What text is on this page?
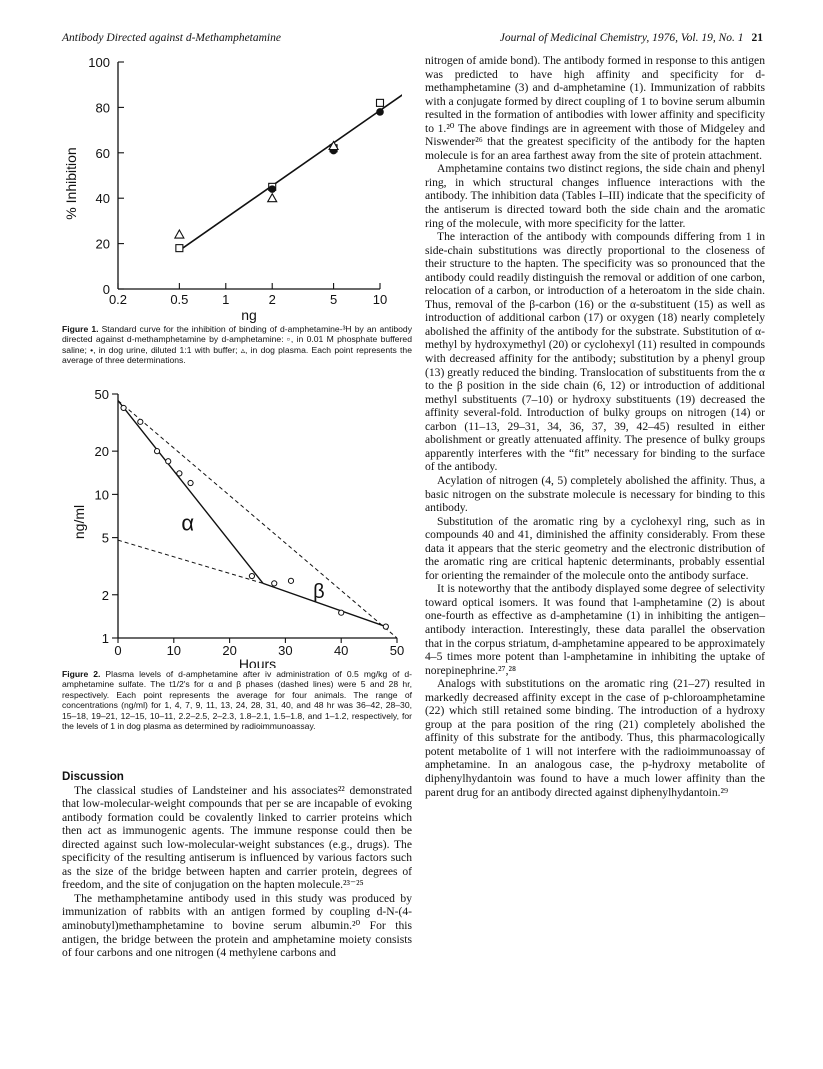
Antibody Directed against d-Methamphetamine	Journal of Medicinal Chemistry, 1976, Vol. 19, No. 1 21
0
20
40
60
80
100
0.2	0.5	1	2	5	10
ng
% Inhibition
Figure 1. Standard curve for the inhibition of binding of d-amphetamine-³H by an antibody directed against d-methamphetamine by d-amphetamine: ▫, in 0.01 M phosphate buffered saline; •, in dog urine, diluted 1:1 with buffer; ▵, in dog plasma. Each point represents the average of three determinations.
1
2
5
10
20
50
0	10	20	30	40	50
Hours
ng/ml	α
β
Figure 2. Plasma levels of d-amphetamine after iv administration of 0.5 mg/kg of d-amphetamine sulfate. The t1/2's for α and β phases (dashed lines) were 5 and 28 hr, respectively. Each point represents the average for four animals. The range of concentrations (ng/ml) for 1, 4, 7, 9, 11, 13, 24, 28, 31, 40, and 48 hr was 36–42, 28–30, 15–18, 19–21, 12–15, 10–11, 2.2–2.5, 2–2.3, 1.8–2.1, 1.5–1.8, and 1–1.2, respectively, for the levels of 1 in dog plasma as determined by radioimmunoassay.
Discussion

The classical studies of Landsteiner and his associates²² demonstrated that low-molecular-weight compounds that per se are incapable of evoking antibody formation could be covalently linked to carrier proteins which then act as immunogenic agents. The immune response could then be directed against such low-molecular-weight substances (e.g., drugs). The specificity of the resulting antiserum is influenced by various factors such as the size of the bridge between hapten and carrier protein, degrees of freedom, and the site of conjugation on the hapten molecule.²³⁻²⁵

The methamphetamine antibody used in this study was produced by immunization of rabbits with an antigen formed by coupling d-N-(4-aminobutyl)methamphetamine to bovine serum albumin.²⁰ For this antigen, the bridge between the protein and amphetamine moiety consists of four carbons and one nitrogen (4 methylene carbons and

nitrogen of amide bond). The antibody formed in response to this antigen was predicted to have high affinity and specificity for d-methamphetamine (3) and d-amphetamine (1). Immunization of rabbits with a conjugate formed by direct coupling of 1 to bovine serum albumin resulted in the formation of antibodies with lower affinity and specificity to 1.²⁰ The above findings are in agreement with those of Midgeley and Niswender²⁶ that the greatest specificity of the antibody for the hapten molecule is for an area farthest away from the site of protein attachment.

Amphetamine contains two distinct regions, the side chain and phenyl ring, in which structural changes influence interactions with the antibody. The inhibition data (Tables I–III) indicate that the specificity of the antiserum is directed toward both the side chain and the aromatic ring of the molecule, with more specificity for the latter.

The interaction of the antibody with compounds differing from 1 in side-chain substitutions was directly proportional to the closeness of their structure to the hapten. The specificity was so pronounced that the antibody could readily distinguish the removal or addition of one carbon, relocation of a carbon, or introduction of a heteroatom in the side chain. Thus, removal of the β-carbon (16) or the α-substituent (15) as well as introduction of additional carbon (17) or oxygen (18) nearly completely abolished the affinity of the antibody for the substrate. Substitution of α-methyl by hydroxymethyl (20) or cyclohexyl (11) resulted in compounds with decreased affinity for the antibody; substitution by a phenyl group (13) greatly reduced the binding. Translocation of substituents from the α to the β position in the side chain (6, 12) or introduction of additional methyl substituents (7–10) or hydroxy substituents (19) decreased the affinity several-fold. Introduction of bulky groups on nitrogen (14) or carbon (11–13, 29–31, 34, 36, 37, 39, 42–45) resulted in either abolishment or greatly attenuated affinity. The presence of bulky groups apparently interferes with the “fit” necessary for binding to the surface of the antibody.

Acylation of nitrogen (4, 5) completely abolished the affinity. Thus, a basic nitrogen on the substrate molecule is necessary for binding to this antibody.

Substitution of the aromatic ring by a cyclohexyl ring, such as in compounds 40 and 41, diminished the affinity considerably. From these data it appears that the steric geometry and the electronic distribution of the aromatic ring are critical haptenic determinants, probably essential for orienting the remainder of the molecule onto the antibody surface.

It is noteworthy that the antibody displayed some degree of selectivity toward optical isomers. It was found that l-amphetamine (2) is about one-fourth as effective as d-amphetamine (1) in inhibiting the antigen–antibody interaction. Interestingly, these data parallel the observation that in the corpus striatum, d-amphetamine appeared to be approximately 4–5 times more potent than l-amphetamine in inhibiting the uptake of norepinephrine.²⁷,²⁸

Analogs with substitutions on the aromatic ring (21–27) resulted in markedly decreased affinity except in the case of p-chloroamphetamine (22) which still retained some binding. The introduction of a hydroxy group at the para position of the ring (21) completely abolished the affinity of this substrate for the antibody. Thus, this pharmacologically potent metabolite of 1 will not interfere with the radioimmunoassay of amphetamine. In an analogous case, the p-hydroxy metabolite of diphenylhydantoin was found to have a much lower affinity than the parent drug for an antibody directed against diphenylhydantoin.²⁹
